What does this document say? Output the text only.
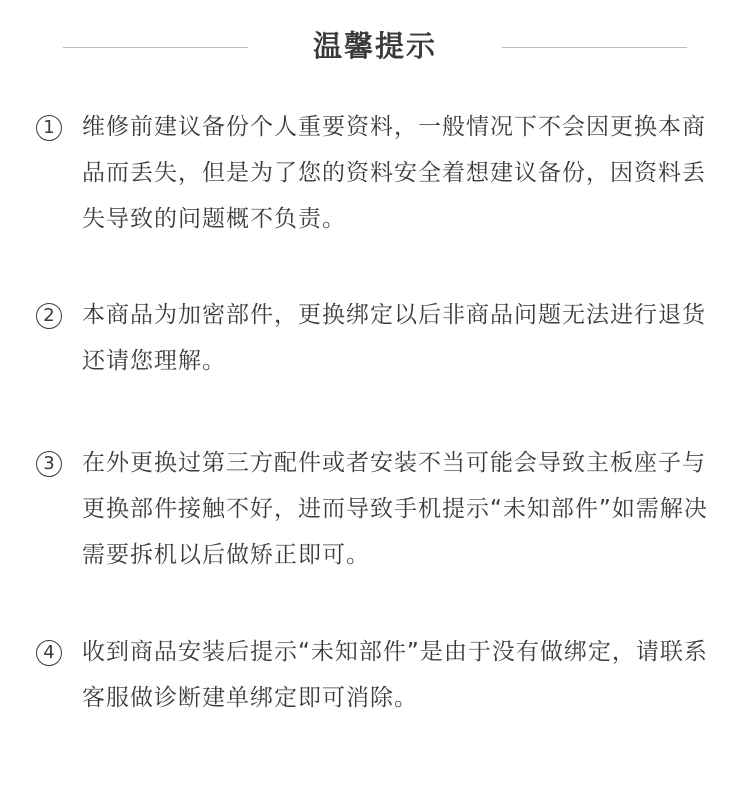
温馨提示
1	维修前建议备份个人重要资料，一般情况下不会因更换本商品而丢失，但是为了您的资料安全着想建议备份，因资料丢失导致的问题概不负责。
2	本商品为加密部件，更换绑定以后非商品问题无法进行退货还请您理解。
3	在外更换过第三方配件或者安装不当可能会导致主板座子与更换部件接触不好，进而导致手机提示“未知部件”如需解决需要拆机以后做矫正即可。
4	收到商品安装后提示“未知部件”是由于没有做绑定，请联系客服做诊断建单绑定即可消除。
